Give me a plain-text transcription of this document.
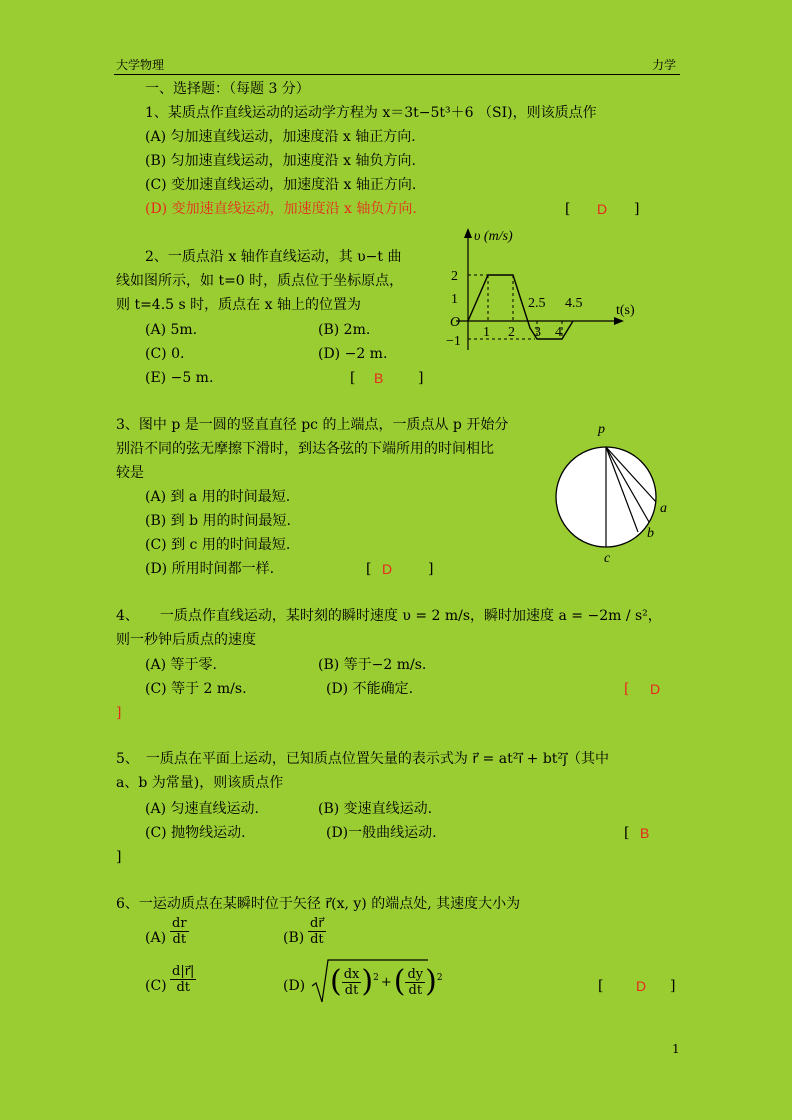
大学物理	力学
一、选择题：（每题 3 分）
1、某质点作直线运动的运动学方程为 x＝3t−5t³＋6 （SI)，则该质点作
(A) 匀加速直线运动，加速度沿 x 轴正方向.
(B) 匀加速直线运动，加速度沿 x 轴负方向.
(C) 变加速直线运动，加速度沿 x 轴正方向.
(D) 变加速直线运动，加速度沿 x 轴负方向.	[ D ]
2、一质点沿 x 轴作直线运动，其 υ−t 曲
线如图所示，如 t=0 时，质点位于坐标原点，
则 t=4.5 s 时，质点在 x 轴上的位置为
(A) 5m.	(B) 2m.
(C) 0.	(D) −2 m.
(E) −5 m.	[ B ]
υ (m/s)
t(s)
2
1
O
−1
1 2 3 4
2.5 4.5
3、图中 p 是一圆的竖直直径 pc 的上端点，一质点从 p 开始分
别沿不同的弦无摩擦下滑时，到达各弦的下端所用的时间相比
较是
(A) 到 a 用的时间最短.
(B) 到 b 用的时间最短.
(C) 到 c 用的时间最短.
(D) 所用时间都一样.	[ D	]
p
a
b
c
4、　　一质点作直线运动，某时刻的瞬时速度 υ = 2 m/s，瞬时加速度 a = −2m / s²，
则一秒钟后质点的速度
(A) 等于零.	(B) 等于−2 m/s.
(C) 等于 2 m/s.	(D) 不能确定.	[ D
]
5、　一质点在平面上运动，已知质点位置矢量的表示式为 r⃗ = at²i⃗ + bt²j⃗（其中
a、b 为常量)，则该质点作
(A) 匀速直线运动.	(B) 变速直线运动.
(C) 抛物线运动.	(D)一般曲线运动.	[ B
]
6、一运动质点在某瞬时位于矢径 r⃗(x, y) 的端点处, 其速度大小为
$(A) \frac{dr}{dt}$	$(B) \frac{dr⃗}{dt}$
$(C) \frac{d|r⃗|}{dt}$	(D) ( $\frac{dx}{dt} )^2$ +( $\frac{dy}{dt} )^2$	[ D ]
1
